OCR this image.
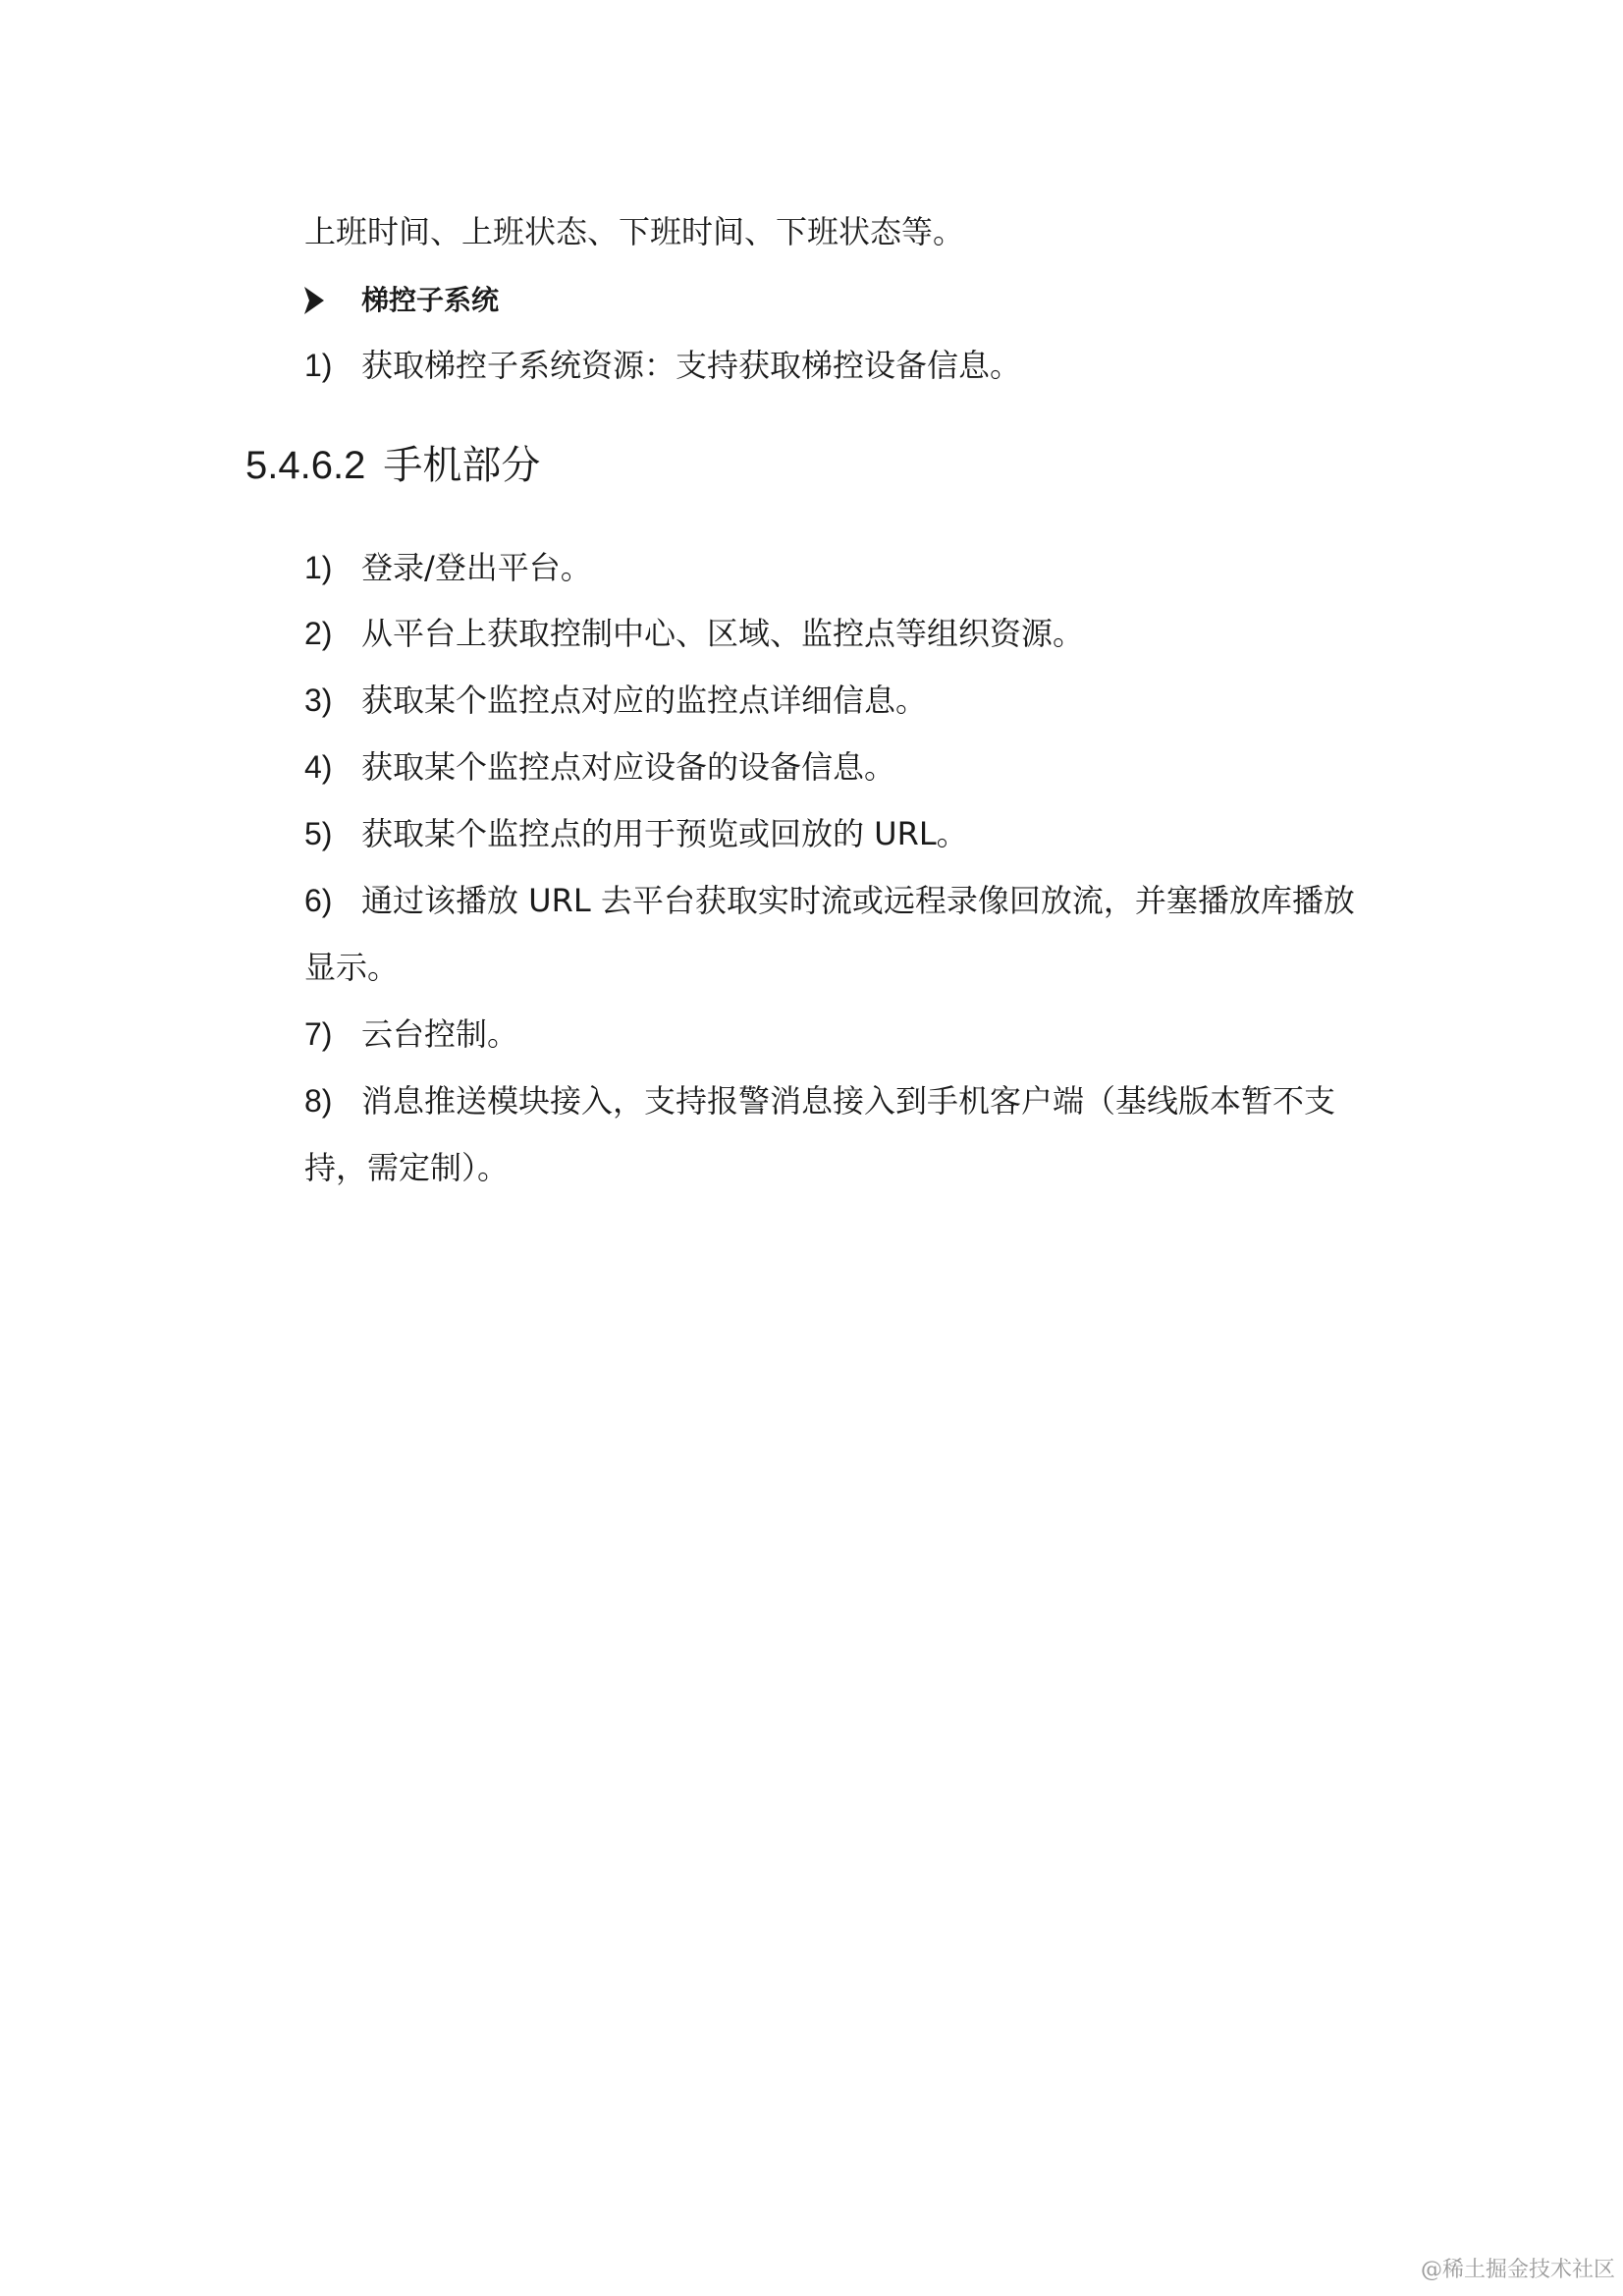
上班时间、上班状态、下班时间、下班状态等。
梯控子系统
1) 获取梯控子系统资源：支持获取梯控设备信息。
5.4.6.2 手机部分
1) 登录/登出平台。
2) 从平台上获取控制中心、区域、监控点等组织资源。
3) 获取某个监控点对应的监控点详细信息。
4) 获取某个监控点对应设备的设备信息。
5) 获取某个监控点的用于预览或回放的 URL。
6) 通过该播放 URL 去平台获取实时流或远程录像回放流，并塞播放库播放
显示。
7) 云台控制。
8) 消息推送模块接入，支持报警消息接入到手机客户端（基线版本暂不支
持，需定制）。
@稀土掘金技术社区
